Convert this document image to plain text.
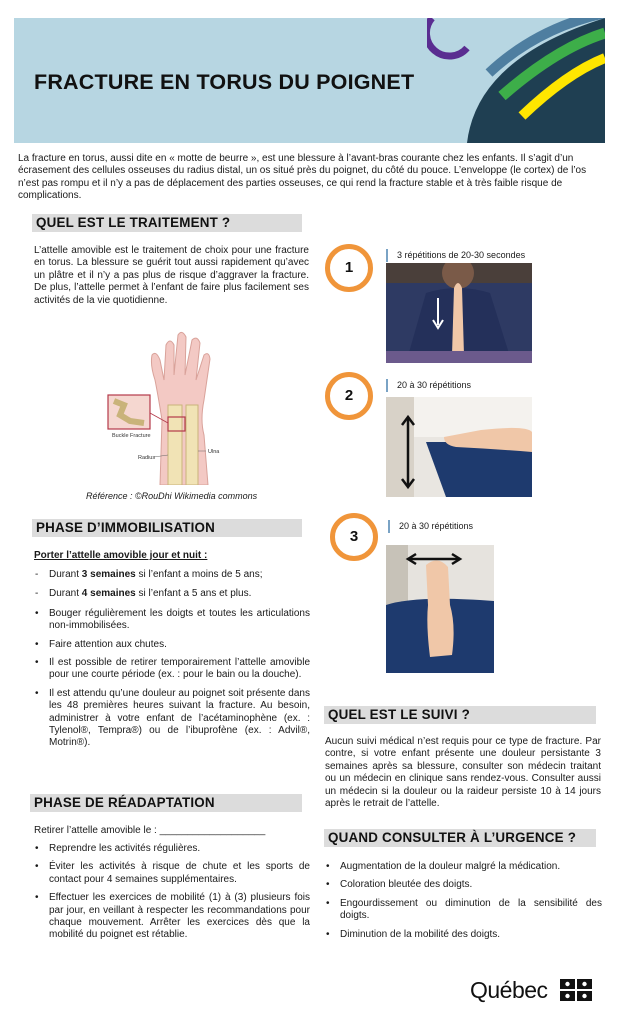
FRACTURE EN TORUS DU POIGNET
La fracture en torus, aussi dite en « motte de beurre », est une blessure à l’avant-bras courante chez les enfants. Il s’agit d’un écrasement des cellules osseuses du radius distal, un os situé près du poignet, du côté du pouce. L’enveloppe (le cortex) de l’os n’est pas rompu et il n’y a pas de déplacement des parties osseuses, ce qui rend la fracture stable et à très faible risque de complications.
QUEL EST LE TRAITEMENT ?
L’attelle amovible est le traitement de choix pour une fracture en torus. La blessure se guérit tout aussi rapidement qu’avec un plâtre et il n’y a pas plus de risque d’aggraver la fracture. De plus, l’attelle permet à l’enfant de faire plus facilement ses activités de la vie quotidienne.
Buckle Fracture
Radius
Ulna
Référence : ©RouDhi Wikimedia commons
PHASE D’IMMOBILISATION
Porter l’attelle amovible jour et nuit :
- Durant 3 semaines si l’enfant a moins de 5 ans;
- Durant 4 semaines si l’enfant a 5 ans et plus.
• Bouger régulièrement les doigts et toutes les articulations non-immobilisées.
• Faire attention aux chutes.
• Il est possible de retirer temporairement l’attelle amovible pour une courte période (ex. : pour le bain ou la douche).
• Il est attendu qu’une douleur au poignet soit présente dans les 48 premières heures suivant la fracture. Au besoin, administrer à votre enfant de l’acétaminophène (ex. : Tylenol®, Tempra®) ou de l’ibuprofène (ex. : Advil®, Motrin®).
PHASE DE RÉADAPTATION
Retirer l’attelle amovible le : ___________________
• Reprendre les activités régulières.
• Éviter les activités à risque de chute et les sports de contact pour 4 semaines supplémentaires.
• Effectuer les exercices de mobilité (1) à (3) plusieurs fois par jour, en veillant à respecter les recommandations pour chaque mouvement. Arrêter les exercices dès que la mobilité du poignet est rétablie.
1
3 répétitions de 20-30 secondes
2
20 à 30 répétitions
3
20 à 30 répétitions
QUEL EST LE SUIVI ?
Aucun suivi médical n’est requis pour ce type de fracture. Par contre, si votre enfant présente une douleur persistante 3 semaines après sa blessure, consulter son médecin traitant ou un médecin en clinique sans rendez-vous. Consulter aussi un médecin si la douleur ou la raideur persiste 10 à 14 jours après le retrait de l’attelle.
QUAND CONSULTER À L’URGENCE ?
• Augmentation de la douleur malgré la médication.
• Coloration bleutée des doigts.
• Engourdissement ou diminution de la sensibilité des doigts.
• Diminution de la mobilité des doigts.
Québec
